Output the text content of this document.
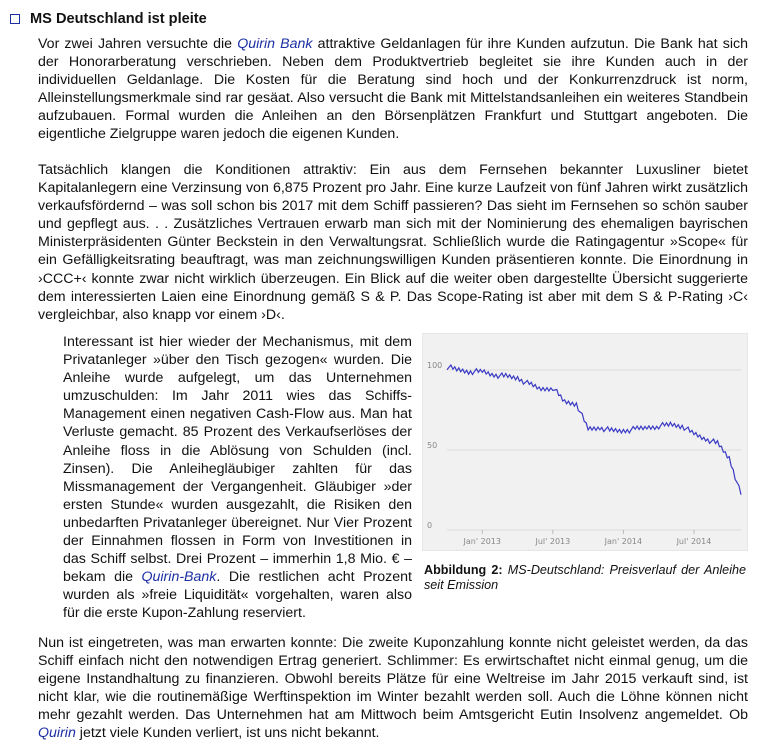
MS Deutschland ist pleite

Vor zwei Jahren versuchte die Quirin Bank attraktive Geldanlagen für ihre Kunden aufzutun. Die Bank hat sich der Honorarberatung verschrieben. Neben dem Produktvertrieb begleitet sie ihre Kunden auch in der individuellen Geldanlage. Die Kosten für die Beratung sind hoch und der Konkurrenzdruck ist norm, Alleinstellungsmerkmale sind rar gesäat. Also versucht die Bank mit Mittelstandsanleihen ein weiteres Standbein aufzubauen. Formal wurden die Anleihen an den Börsenplätzen Frankfurt und Stuttgart angeboten. Die eigentliche Zielgruppe waren jedoch die eigenen Kunden.

Tatsächlich klangen die Konditionen attraktiv: Ein aus dem Fernsehen bekannter Luxusliner bietet Kapitalanlegern eine Verzinsung von 6,875 Prozent pro Jahr. Eine kurze Laufzeit von fünf Jahren wirkt zusätzlich verkaufsfördernd – was soll schon bis 2017 mit dem Schiff passieren? Das sieht im Fernsehen so schön sauber und gepflegt aus. . . Zusätzliches Vertrauen erwarb man sich mit der Nominierung des ehemaligen bayrischen Ministerpräsidenten Günter Beckstein in den Verwaltungsrat. Schließlich wurde die Ratingagentur »Scope« für ein Gefälligkeitsrating beauftragt, was man zeichnungswilligen Kunden präsentieren konnte. Die Einordnung in ›CCC+‹ konnte zwar nicht wirklich überzeugen. Ein Blick auf die weiter oben dargestellte Übersicht suggerierte dem interessierten Laien eine Einordnung gemäß S & P. Das Scope-Rating ist aber mit dem S & P-Rating ›C‹ vergleichbar, also knapp vor einem ›D‹.

Interessant ist hier wieder der Mechanismus, mit dem Privatanleger »über den Tisch gezogen« wurden. Die Anleihe wurde aufgelegt, um das Unternehmen umzuschulden: Im Jahr 2011 wies das Schiffs-Management einen negativen Cash-Flow aus. Man hat Verluste gemacht. 85 Prozent des Verkaufserlöses der Anleihe floss in die Ablösung von Schulden (incl. Zinsen). Die Anleihegläubiger zahlten für das Missmanagement der Vergangenheit. Gläubiger »der ersten Stunde« wurden ausgezahlt, die Risiken den unbedarften Privatanleger übereignet. Nur Vier Prozent der Einnahmen flossen in Form von Investitionen in das Schiff selbst. Drei Prozent – immerhin 1,8 Mio. € – bekam die Quirin-Bank. Die restlichen acht Prozent wurden als »freie Liquidität« vorgehalten, waren also für die erste Kupon-Zahlung reserviert.

0
50
100
Jan' 2013	Jul' 2013	Jan' 2014	Jul' 2014
Abbildung 2: MS-Deutschland: Preisverlauf der Anleihe seit Emission

Nun ist eingetreten, was man erwarten konnte: Die zweite Kuponzahlung konnte nicht geleistet werden, da das Schiff einfach nicht den notwendigen Ertrag generiert. Schlimmer: Es erwirtschaftet nicht einmal genug, um die eigene Instandhaltung zu finanzieren. Obwohl bereits Plätze für eine Weltreise im Jahr 2015 verkauft sind, ist nicht klar, wie die routinemäßige Werftinspektion im Winter bezahlt werden soll. Auch die Löhne können nicht mehr gezahlt werden. Das Unternehmen hat am Mittwoch beim Amtsgericht Eutin Insolvenz angemeldet. Ob Quirin jetzt viele Kunden verliert, ist uns nicht bekannt.
